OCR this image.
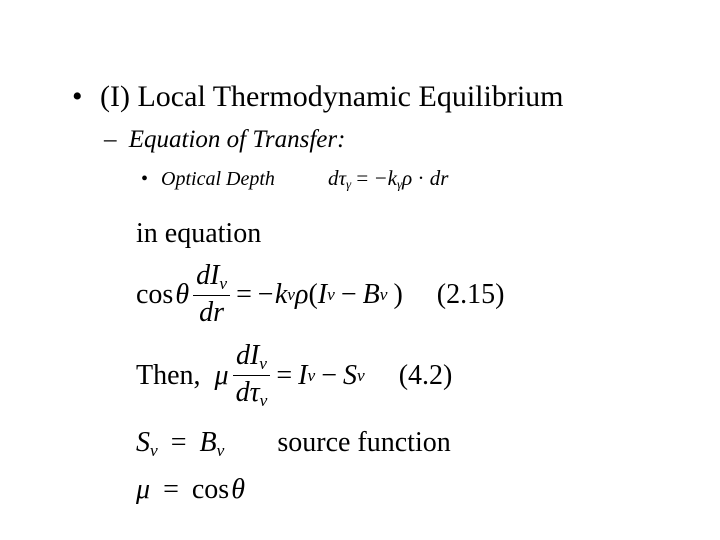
• (I) Local Thermodynamic Equilibrium
– Equation of Transfer:
• Optical Depth	$d\tau_\gamma = -k_\gamma\rho$ · dr
in equation
cos θ $\frac{dI_\nu}{dr} = -k$ ν ρ ( I ν − B ν ) (2.15)
Then, μ $\frac{dI_\nu}{d\tau_\nu} = I$ ν − S ν (4.2)
$S_\nu = B_\nu$ source function
μ = cosθ
